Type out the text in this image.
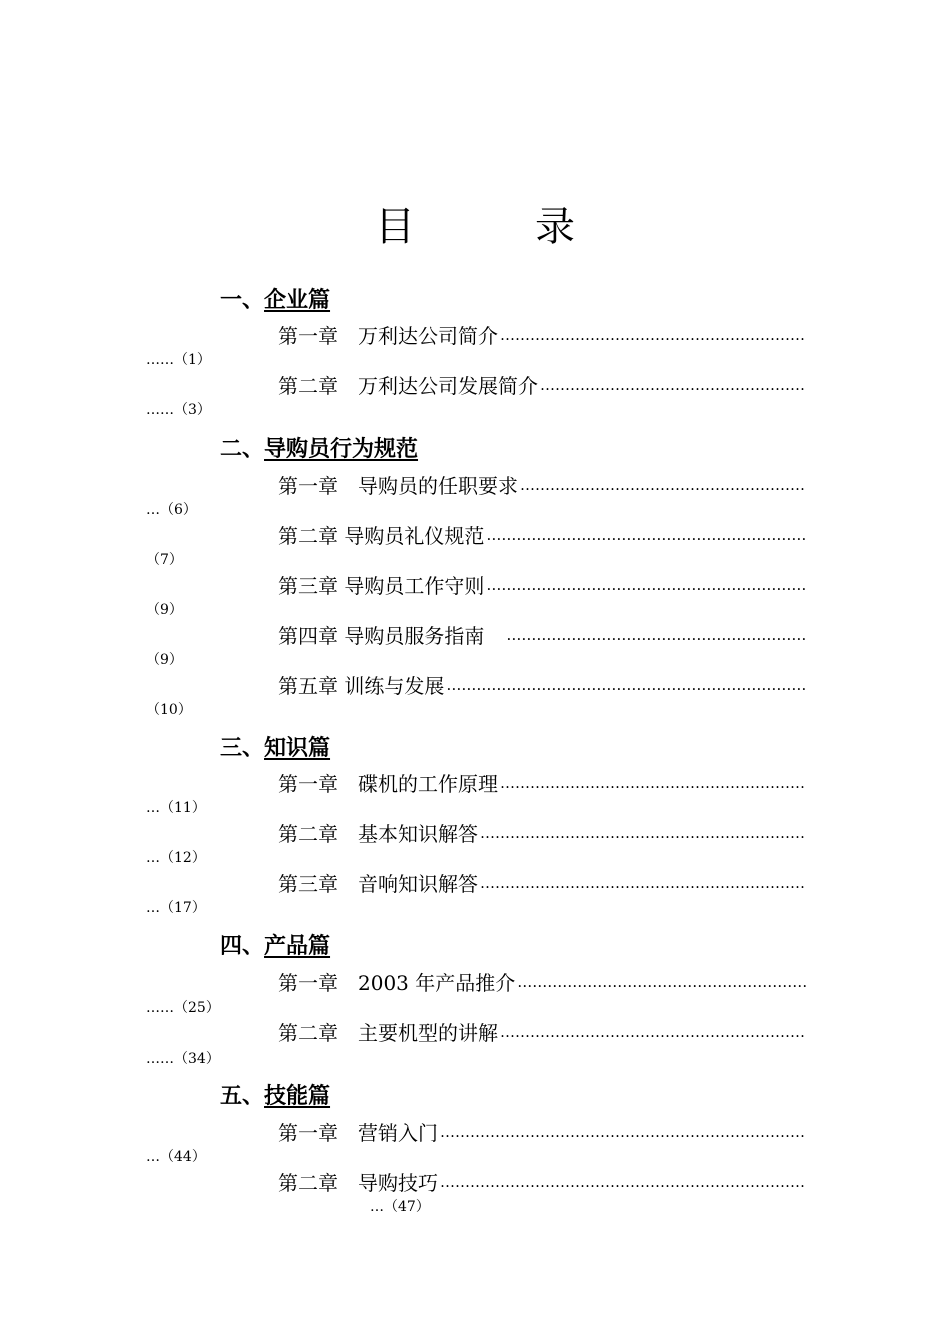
目　录
一、企业篇
第一章　万利达公司简介
……………………………………………………………………………………………………………………………………
……（1）
第二章　万利达公司发展简介
……………………………………………………………………………………………………………………………………
……（3）
二、导购员行为规范
第一章　导购员的任职要求
……………………………………………………………………………………………………………………………………
…（6）
第二章 导购员礼仪规范
……………………………………………………………………………………………………………………………………
（7）
第三章 导购员工作守则
……………………………………………………………………………………………………………………………………
（9）
第四章 导购员服务指南　
……………………………………………………………………………………………………………………………………
（9）
第五章 训练与发展
……………………………………………………………………………………………………………………………………
（10）
三、知识篇
第一章　碟机的工作原理
……………………………………………………………………………………………………………………………………
…（11）
第二章　基本知识解答
……………………………………………………………………………………………………………………………………
…（12）
第三章　音响知识解答
……………………………………………………………………………………………………………………………………
…（17）
四、产品篇
第一章　2003 年产品推介
……………………………………………………………………………………………………………………………………
……（25）
第二章　主要机型的讲解
……………………………………………………………………………………………………………………………………
……（34）
五、技能篇
第一章　营销入门
……………………………………………………………………………………………………………………………………
…（44）
第二章　导购技巧
……………………………………………………………………………………………………………………………………
…（47）
